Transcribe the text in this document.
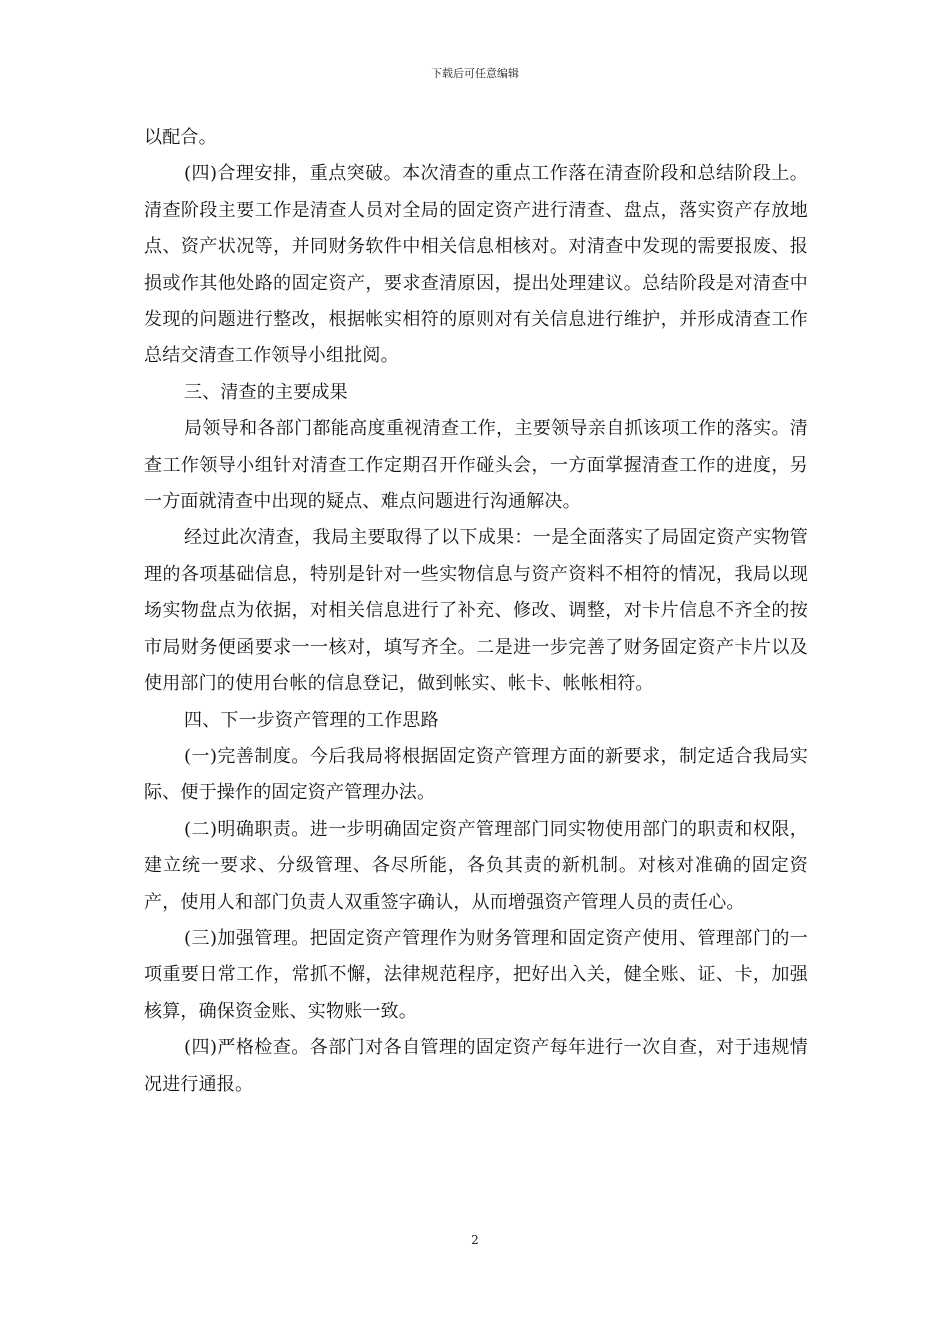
下载后可任意编辑

以配合。

(四)合理安排，重点突破。本次清查的重点工作落在清查阶段和总结阶段上。清查阶段主要工作是清查人员对全局的固定资产进行清查、盘点，落实资产存放地点、资产状况等，并同财务软件中相关信息相核对。对清查中发现的需要报废、报损或作其他处路的固定资产，要求查清原因，提出处理建议。总结阶段是对清查中发现的问题进行整改，根据帐实相符的原则对有关信息进行维护，并形成清查工作总结交清查工作领导小组批阅。

三、清查的主要成果

局领导和各部门都能高度重视清查工作，主要领导亲自抓该项工作的落实。清查工作领导小组针对清查工作定期召开作碰头会，一方面掌握清查工作的进度，另一方面就清查中出现的疑点、难点问题进行沟通解决。

经过此次清查，我局主要取得了以下成果：一是全面落实了局固定资产实物管理的各项基础信息，特别是针对一些实物信息与资产资料不相符的情况，我局以现场实物盘点为依据，对相关信息进行了补充、修改、调整，对卡片信息不齐全的按市局财务便函要求一一核对，填写齐全。二是进一步完善了财务固定资产卡片以及使用部门的使用台帐的信息登记，做到帐实、帐卡、帐帐相符。

四、下一步资产管理的工作思路

(一)完善制度。今后我局将根据固定资产管理方面的新要求，制定适合我局实际、便于操作的固定资产管理办法。

(二)明确职责。进一步明确固定资产管理部门同实物使用部门的职责和权限，建立统一要求、分级管理、各尽所能，各负其责的新机制。对核对准确的固定资产，使用人和部门负责人双重签字确认，从而增强资产管理人员的责任心。

(三)加强管理。把固定资产管理作为财务管理和固定资产使用、管理部门的一项重要日常工作，常抓不懈，法律规范程序，把好出入关，健全账、证、卡，加强核算，确保资金账、实物账一致。

(四)严格检查。各部门对各自管理的固定资产每年进行一次自查，对于违规情况进行通报。

2
